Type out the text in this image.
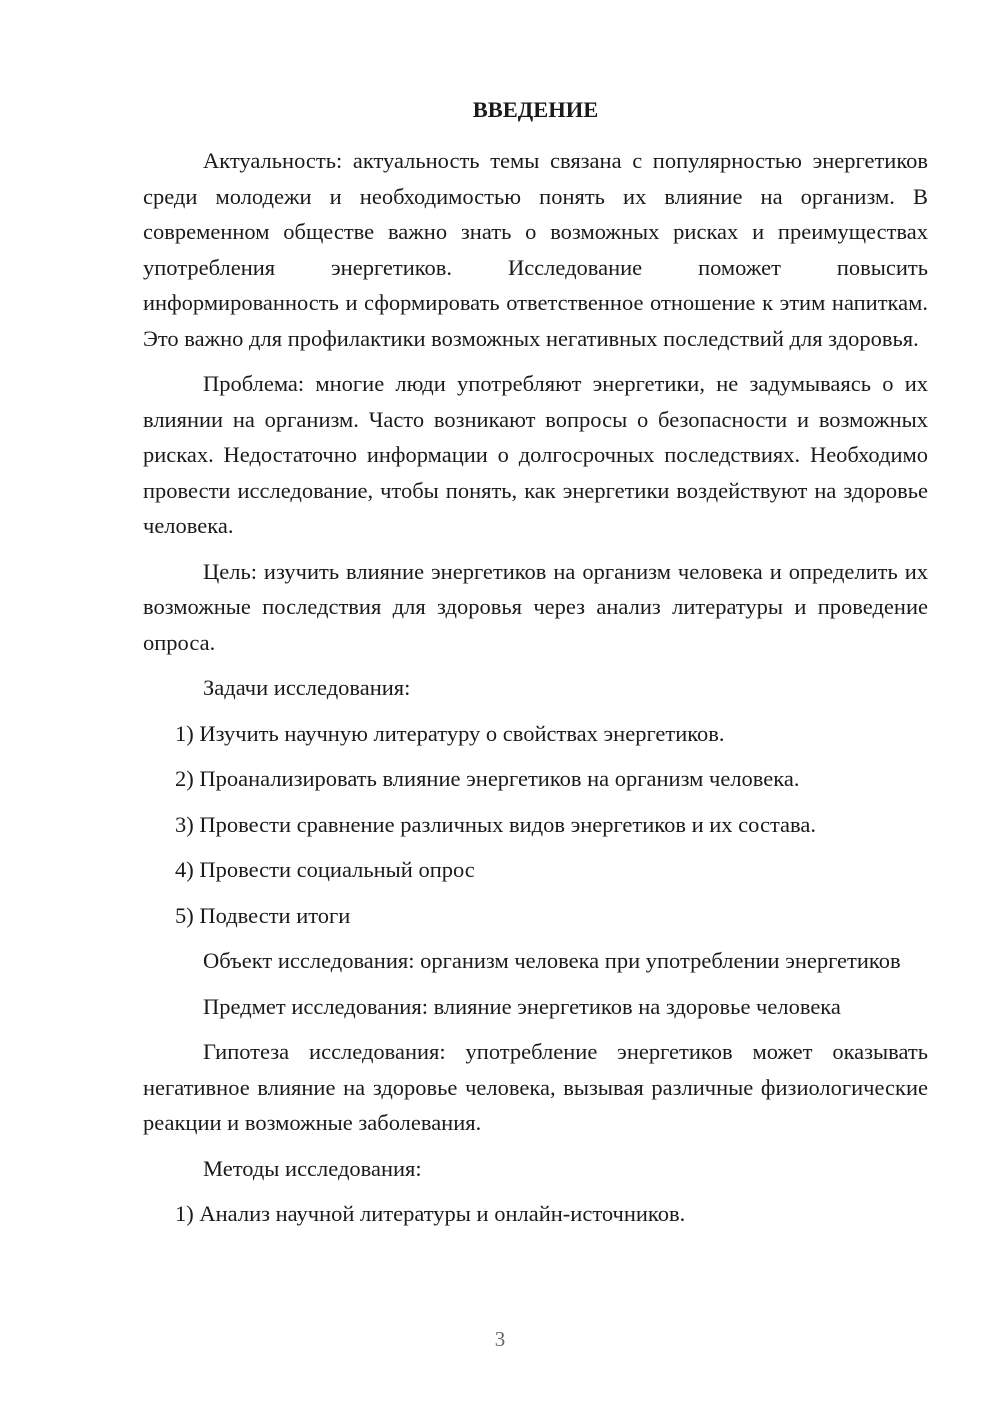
ВВЕДЕНИЕ

Актуальность: актуальность темы связана с популярностью энергетиков среди молодежи и необходимостью понять их влияние на организм. В современном обществе важно знать о возможных рисках и преимуществах употребления энергетиков. Исследование поможет повысить информированность и сформировать ответственное отношение к этим напиткам. Это важно для профилактики возможных негативных последствий для здоровья.

Проблема: многие люди употребляют энергетики, не задумываясь о их влиянии на организм. Часто возникают вопросы о безопасности и возможных рисках. Недостаточно информации о долгосрочных последствиях. Необходимо провести исследование, чтобы понять, как энергетики воздействуют на здоровье человека.

Цель: изучить влияние энергетиков на организм человека и определить их возможные последствия для здоровья через анализ литературы и проведение опроса.

Задачи исследования:

1) Изучить научную литературу о свойствах энергетиков.

2) Проанализировать влияние энергетиков на организм человека.

3) Провести сравнение различных видов энергетиков и их состава.

4) Провести социальный опрос

5) Подвести итоги

Объект исследования: организм человека при употреблении энергетиков

Предмет исследования: влияние энергетиков на здоровье человека

Гипотеза исследования: употребление энергетиков может оказывать негативное влияние на здоровье человека, вызывая различные физиологические реакции и возможные заболевания.

Методы исследования:

1) Анализ научной литературы и онлайн-источников.

3
